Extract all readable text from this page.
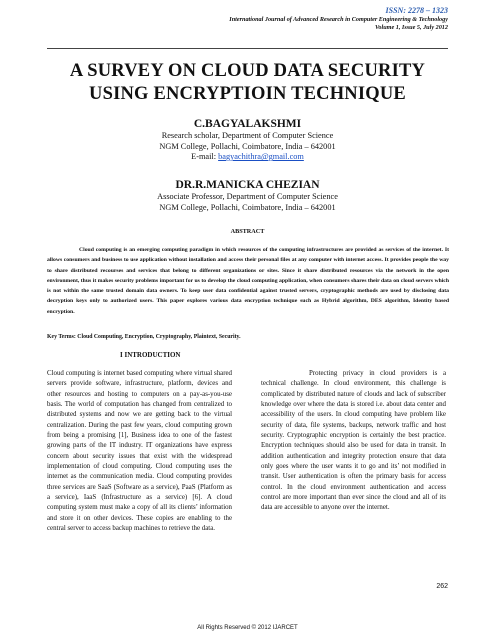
ISSN: 2278 – 1323
International Journal of Advanced Research in Computer Engineering & Technology
Volume 1, Issue 5, July 2012
A SURVEY ON CLOUD DATA SECURITY
USING ENCRYPTIOIN TECHNIQUE
C.BAGYALAKSHMI
Research scholar, Department of Computer Science
NGM College, Pollachi, Coimbatore, India – 642001
E-mail: bagyachithra@gmail.com
DR.R.MANICKA CHEZIAN
Associate Professor, Department of Computer Science
NGM College, Pollachi, Coimbatore, India – 642001
ABSTRACT
Cloud computing is an emerging computing paradigm in which resources of the computing infrastructures are provided as services of the internet. It allows consumers and business to use application without installation and access their personal files at any computer with internet access. It provides people the way to share distributed recourses and services that belong to different organizations or sites. Since it share distributed resources via the network in the open environment, thus it makes security problems important for us to develop the cloud computing application, when consumers shares their data on cloud servers which is not within the same trusted domain data owners. To keep user data confidential against trusted servers, cryptographic methods are used by disclosing data decryption keys only to authorized users. This paper explores various data encryption technique such as Hybrid algorithm, DES algorithm, Identity based encryption.
Key Terms: Cloud Computing, Encryption, Cryptography, Plaintext, Security.
I INTRODUCTION

Cloud computing is internet based computing where virtual shared servers provide software, infrastructure, platform, devices and other resources and hosting to computers on a pay-as-you-use basis. The world of computation has changed from centralized to distributed systems and now we are getting back to the virtual centralization. During the past few years, cloud computing grown from being a promising [1], Business idea to one of the fastest growing parts of the IT industry. IT organizations have express concern about security issues that exist with the widespread implementation of cloud computing. Cloud computing uses the internet as the communication media. Cloud computing provides three services are SaaS (Software as a service), PaaS (Platform as a service), IaaS (Infrastructure as a service) [6]. A cloud computing system must make a copy of all its clients’ information and store it on other devices. These copies are enabling to the central server to access backup machines to retrieve the data.

Protecting privacy in cloud providers is a technical challenge. In cloud environment, this challenge is complicated by distributed nature of clouds and lack of subscriber knowledge over where the data is stored i.e. about data center and accessibility of the users. In cloud computing have problem like security of data, file systems, backups, network traffic and host security. Cryptographic encryption is certainly the best practice. Encryption techniques should also be used for data in transit. In addition authentication and integrity protection ensure that data only goes where the user wants it to go and its’ not modified in transit. User authentication is often the primary basis for access control. In the cloud environment authentication and access control are more important than ever since the cloud and all of its data are accessible to anyone over the internet.

262
All Rights Reserved © 2012 IJARCET
